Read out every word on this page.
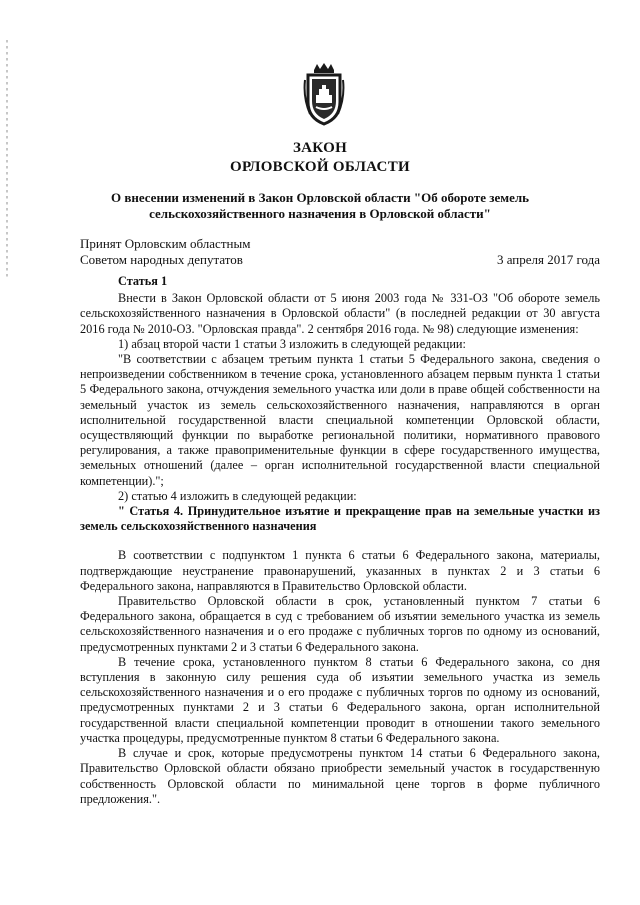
ЗАКОН
ОРЛОВСКОЙ ОБЛАСТИ
О внесении изменений в Закон Орловской области "Об обороте земель сельскохозяйственного назначения в Орловской области"
Принят Орловским областным
Советом народных депутатов	3 апреля 2017 года

Статья 1

Внести в Закон Орловской области от 5 июня 2003 года № 331-ОЗ "Об обороте земель сельскохозяйственного назначения в Орловской области" (в последней редакции от 30 августа 2016 года № 2010-ОЗ. "Орловская правда". 2 сентября 2016 года. № 98) следующие изменения:

1) абзац второй части 1 статьи 3 изложить в следующей редакции:

"В соответствии с абзацем третьим пункта 1 статьи 5 Федерального закона, сведения о непроизведении собственником в течение срока, установленного абзацем первым пункта 1 статьи 5 Федерального закона, отчуждения земельного участка или доли в праве общей собственности на земельный участок из земель сельскохозяйственного назначения, направляются в орган исполнительной государственной власти специальной компетенции Орловской области, осуществляющий функции по выработке региональной политики, нормативного правового регулирования, а также правоприменительные функции в сфере государственного имущества, земельных отношений (далее – орган исполнительной государственной власти специальной компетенции).";

2) статью 4 изложить в следующей редакции:

" Статья 4. Принудительное изъятие и прекращение прав на земельные участки из земель сельскохозяйственного назначения

В соответствии с подпунктом 1 пункта 6 статьи 6 Федерального закона, материалы, подтверждающие неустранение правонарушений, указанных в пунктах 2 и 3 статьи 6 Федерального закона, направляются в Правительство Орловской области.

Правительство Орловской области в срок, установленный пунктом 7 статьи 6 Федерального закона, обращается в суд с требованием об изъятии земельного участка из земель сельскохозяйственного назначения и о его продаже с публичных торгов по одному из оснований, предусмотренных пунктами 2 и 3 статьи 6 Федерального закона.

В течение срока, установленного пунктом 8 статьи 6 Федерального закона, со дня вступления в законную силу решения суда об изъятии земельного участка из земель сельскохозяйственного назначения и о его продаже с публичных торгов по одному из оснований, предусмотренных пунктами 2 и 3 статьи 6 Федерального закона, орган исполнительной государственной власти специальной компетенции проводит в отношении такого земельного участка процедуры, предусмотренные пунктом 8 статьи 6 Федерального закона.

В случае и срок, которые предусмотрены пунктом 14 статьи 6 Федерального закона, Правительство Орловской области обязано приобрести земельный участок в государственную собственность Орловской области по минимальной цене торгов в форме публичного предложения.".
